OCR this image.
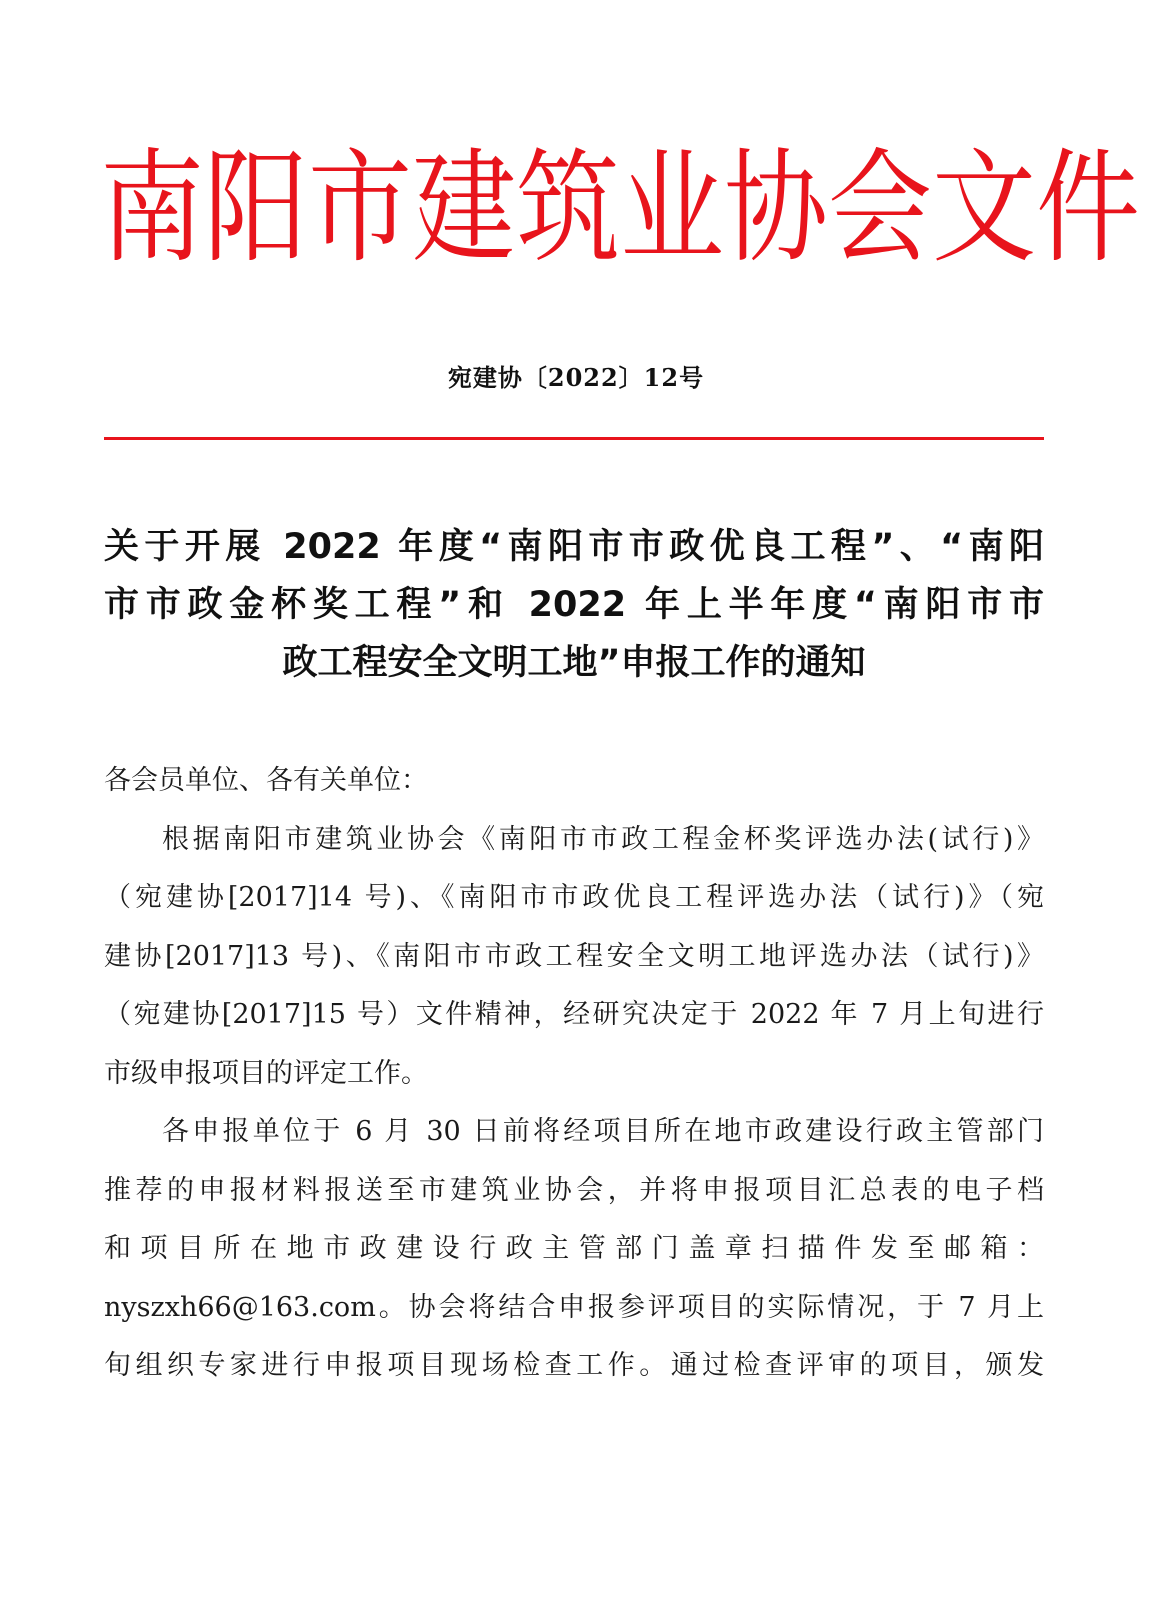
南阳市建筑业协会文件
宛建协〔2022〕12号
关于开展 2022 年度“南阳市市政优良工程”、“南阳
市市政金杯奖工程”和 2022 年上半年度“南阳市市
政工程安全文明工地”申报工作的通知
各会员单位、各有关单位：
根据南阳市建筑业协会《南阳市市政工程金杯奖评选办法(试行)》
（宛建协[2017]14 号)、《南阳市市政优良工程评选办法（试行)》（宛
建协[2017]13 号)、《南阳市市政工程安全文明工地评选办法（试行)》
（宛建协[2017]15 号）文件精神，经研究决定于 2022 年 7 月上旬进行
市级申报项目的评定工作。
各申报单位于 6 月 30 日前将经项目所在地市政建设行政主管部门
推荐的申报材料报送至市建筑业协会，并将申报项目汇总表的电子档
和项目所在地市政建设行政主管部门盖章扫描件发至邮箱：
nyszxh66@163.com。协会将结合申报参评项目的实际情况，于 7 月上
旬组织专家进行申报项目现场检查工作。通过检查评审的项目，颁发
